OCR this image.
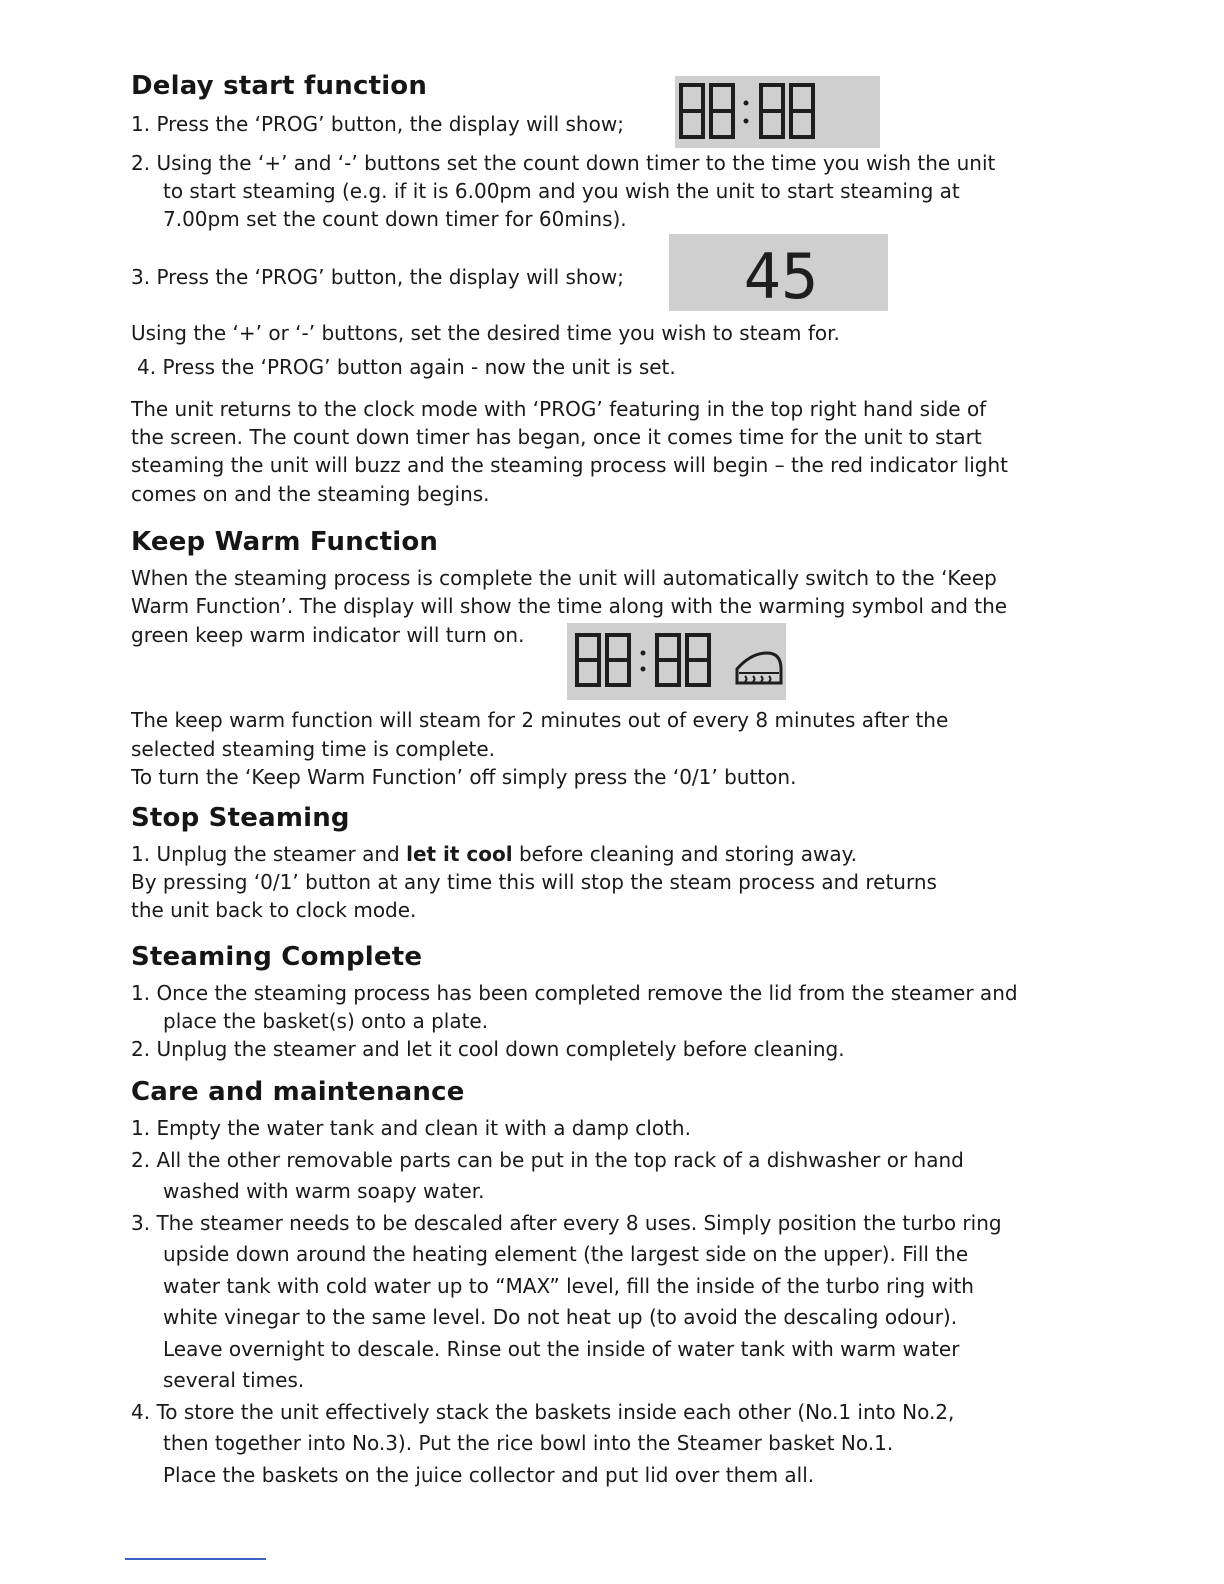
Delay start function

1. Press the ‘PROG’ button, the display will show;

2. Using the ‘+’ and ‘-’ buttons set the count down timer to the time you wish the unit

to start steaming (e.g. if it is 6.00pm and you wish the unit to start steaming at

7.00pm set the count down timer for 60mins).

3. Press the ‘PROG’ button, the display will show; 45

Using the ‘+’ or ‘-’ buttons, set the desired time you wish to steam for.

4. Press the ‘PROG’ button again - now the unit is set.

The unit returns to the clock mode with ‘PROG’ featuring in the top right hand side of

the screen. The count down timer has began, once it comes time for the unit to start

steaming the unit will buzz and the steaming process will begin – the red indicator light

comes on and the steaming begins.

Keep Warm Function

When the steaming process is complete the unit will automatically switch to the ‘Keep

Warm Function’. The display will show the time along with the warming symbol and the

green keep warm indicator will turn on.

The keep warm function will steam for 2 minutes out of every 8 minutes after the

selected steaming time is complete.

To turn the ‘Keep Warm Function’ off simply press the ‘0/1’ button.

Stop Steaming

1. Unplug the steamer and let it cool before cleaning and storing away.

By pressing ‘0/1’ button at any time this will stop the steam process and returns

the unit back to clock mode.

Steaming Complete

1. Once the steaming process has been completed remove the lid from the steamer and

place the basket(s) onto a plate.

2. Unplug the steamer and let it cool down completely before cleaning.

Care and maintenance

1. Empty the water tank and clean it with a damp cloth.

2. All the other removable parts can be put in the top rack of a dishwasher or hand

washed with warm soapy water.

3. The steamer needs to be descaled after every 8 uses. Simply position the turbo ring

upside down around the heating element (the largest side on the upper). Fill the

water tank with cold water up to “MAX” level, fill the inside of the turbo ring with

white vinegar to the same level. Do not heat up (to avoid the descaling odour).

Leave overnight to descale. Rinse out the inside of water tank with warm water

several times.

4. To store the unit effectively stack the baskets inside each other (No.1 into No.2,

then together into No.3). Put the rice bowl into the Steamer basket No.1.

Place the baskets on the juice collector and put lid over them all.
